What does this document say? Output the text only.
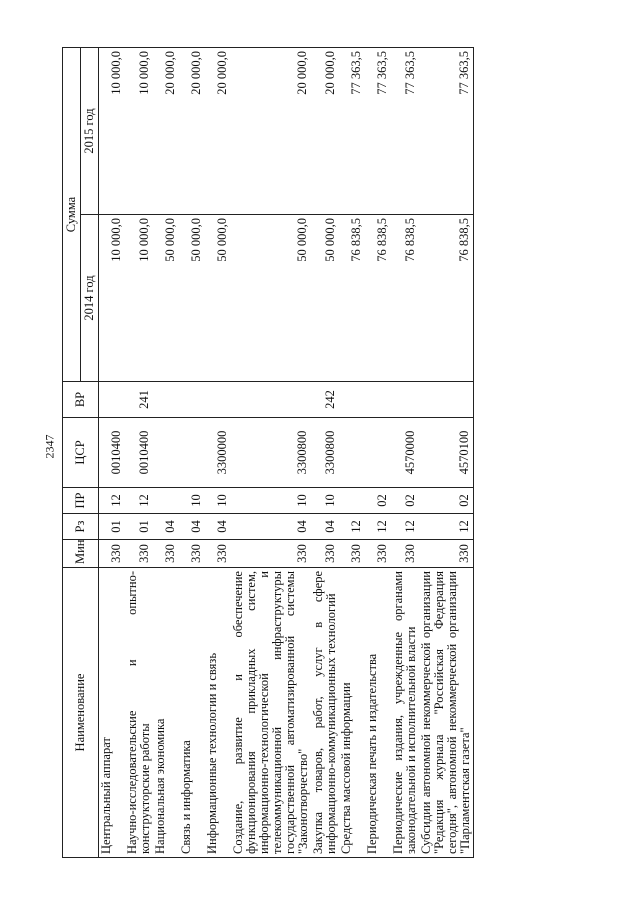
2347
Наименование	Мин	Рз	ПР	ЦСР	ВР	Сумма	
						2014 год	2015 год
Центральный аппарат	330	01	12	0010400		10 000,0	10 000,0
Научно-исследовательские и опытно-конструкторские работы	330	01	12	0010400	241	10 000,0	10 000,0
Национальная экономика	330	04				50 000,0	20 000,0
Связь и информатика	330	04	10			50 000,0	20 000,0
Информационные технологии и связь	330	04	10	3300000		50 000,0	20 000,0
Создание, развитие и обеспечение функционирования прикладных систем, информационно-технологической и телекоммуникационной инфраструктуры государственной автоматизированной системы "Законотворчество"	330	04	10	3300800		50 000,0	20 000,0
Закупка товаров, работ, услуг в сфере информационно-коммуникационных технологий	330	04	10	3300800	242	50 000,0	20 000,0
Средства массовой информации	330	12				76 838,5	77 363,5
Периодическая печать и издательства	330	12	02			76 838,5	77 363,5
Периодические издания, учрежденные органами законодательной и исполнительной власти	330	12	02	4570000		76 838,5	77 363,5
Субсидии автономной некоммерческой организации "Редакция журнала "Российская Федерация сегодня", автономной некоммерческой организации "Парламентская газета"	330	12	02	4570100		76 838,5	77 363,5
